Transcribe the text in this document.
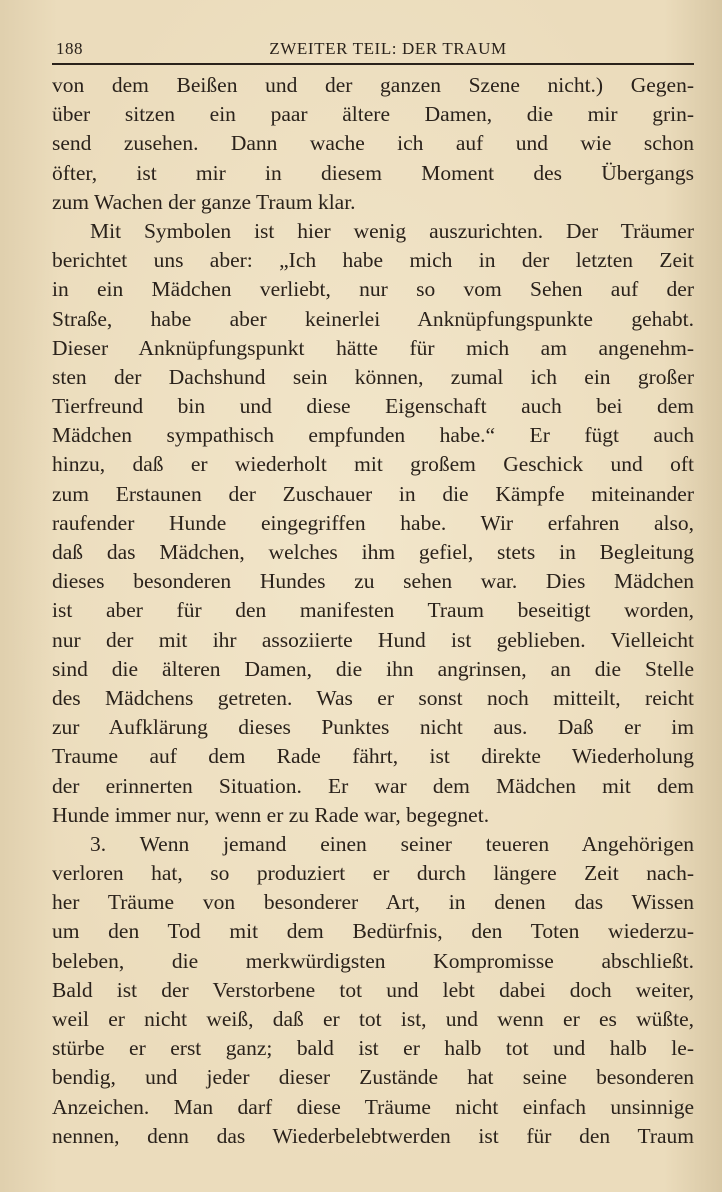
188	ZWEITER TEIL: DER TRAUM
von dem Beißen und der ganzen Szene nicht.) Gegen-
über sitzen ein paar ältere Damen, die mir grin-
send zusehen. Dann wache ich auf und wie schon
öfter, ist mir in diesem Moment des Übergangs
zum Wachen der ganze Traum klar.
Mit Symbolen ist hier wenig auszurichten. Der Träumer
berichtet uns aber: „Ich habe mich in der letzten Zeit
in ein Mädchen verliebt, nur so vom Sehen auf der
Straße, habe aber keinerlei Anknüpfungspunkte gehabt.
Dieser Anknüpfungspunkt hätte für mich am angenehm-
sten der Dachshund sein können, zumal ich ein großer
Tierfreund bin und diese Eigenschaft auch bei dem
Mädchen sympathisch empfunden habe.“ Er fügt auch
hinzu, daß er wiederholt mit großem Geschick und oft
zum Erstaunen der Zuschauer in die Kämpfe miteinander
raufender Hunde eingegriffen habe. Wir erfahren also,
daß das Mädchen, welches ihm gefiel, stets in Begleitung
dieses besonderen Hundes zu sehen war. Dies Mädchen
ist aber für den manifesten Traum beseitigt worden,
nur der mit ihr assoziierte Hund ist geblieben. Vielleicht
sind die älteren Damen, die ihn angrinsen, an die Stelle
des Mädchens getreten. Was er sonst noch mitteilt, reicht
zur Aufklärung dieses Punktes nicht aus. Daß er im
Traume auf dem Rade fährt, ist direkte Wiederholung
der erinnerten Situation. Er war dem Mädchen mit dem
Hunde immer nur, wenn er zu Rade war, begegnet.
3. Wenn jemand einen seiner teueren Angehörigen
verloren hat, so produziert er durch längere Zeit nach-
her Träume von besonderer Art, in denen das Wissen
um den Tod mit dem Bedürfnis, den Toten wiederzu-
beleben, die merkwürdigsten Kompromisse abschließt.
Bald ist der Verstorbene tot und lebt dabei doch weiter,
weil er nicht weiß, daß er tot ist, und wenn er es wüßte,
stürbe er erst ganz; bald ist er halb tot und halb le-
bendig, und jeder dieser Zustände hat seine besonderen
Anzeichen. Man darf diese Träume nicht einfach unsinnige
nennen, denn das Wiederbelebtwerden ist für den Traum
